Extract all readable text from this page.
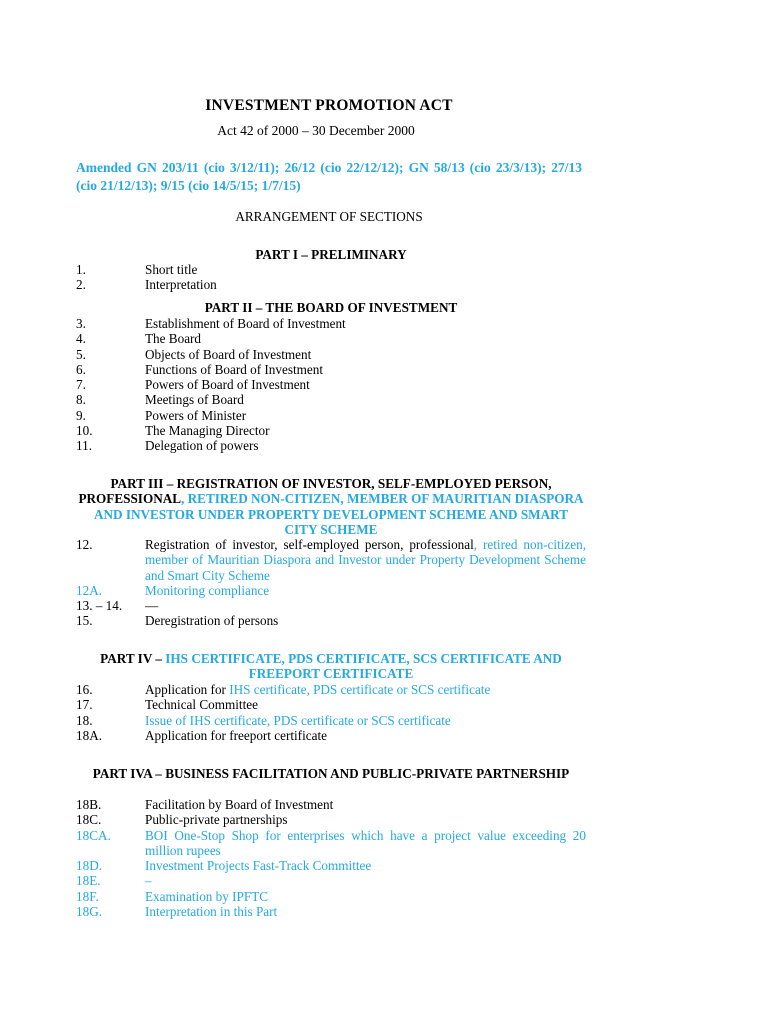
INVESTMENT PROMOTION ACT
Act 42 of 2000 – 30 December 2000
Amended GN 203/11 (cio 3/12/11); 26/12 (cio 22/12/12); GN 58/13 (cio 23/3/13); 27/13 (cio 21/12/13); 9/15 (cio 14/5/15; 1/7/15)
ARRANGEMENT OF SECTIONS
PART I – PRELIMINARY
1.	Short title
2.	Interpretation
PART II – THE BOARD OF INVESTMENT
3.	Establishment of Board of Investment
4.	The Board
5.	Objects of Board of Investment
6.	Functions of Board of Investment
7.	Powers of Board of Investment
8.	Meetings of Board
9.	Powers of Minister
10.	The Managing Director
11.	Delegation of powers
PART III – REGISTRATION OF INVESTOR, SELF-EMPLOYED PERSON, PROFESSIONAL, RETIRED NON-CITIZEN, MEMBER OF MAURITIAN DIASPORA AND INVESTOR UNDER PROPERTY DEVELOPMENT SCHEME AND SMART CITY SCHEME
12.	Registration of investor, self-employed person, professional, retired non-citizen, member of Mauritian Diaspora and Investor under Property Development Scheme and Smart City Scheme
12A.	Monitoring compliance
13. – 14.	—
15.	Deregistration of persons
PART IV – IHS CERTIFICATE, PDS CERTIFICATE, SCS CERTIFICATE AND FREEPORT CERTIFICATE
16.	Application for IHS certificate, PDS certificate or SCS certificate
17.	Technical Committee
18.	Issue of IHS certificate, PDS certificate or SCS certificate
18A.	Application for freeport certificate
PART IVA – BUSINESS FACILITATION AND PUBLIC-PRIVATE PARTNERSHIP
18B.	Facilitation by Board of Investment
18C.	Public-private partnerships
18CA.	BOI One-Stop Shop for enterprises which have a project value exceeding 20 million rupees
18D.	Investment Projects Fast-Track Committee
18E.	–
18F.	Examination by IPFTC
18G.	Interpretation in this Part
